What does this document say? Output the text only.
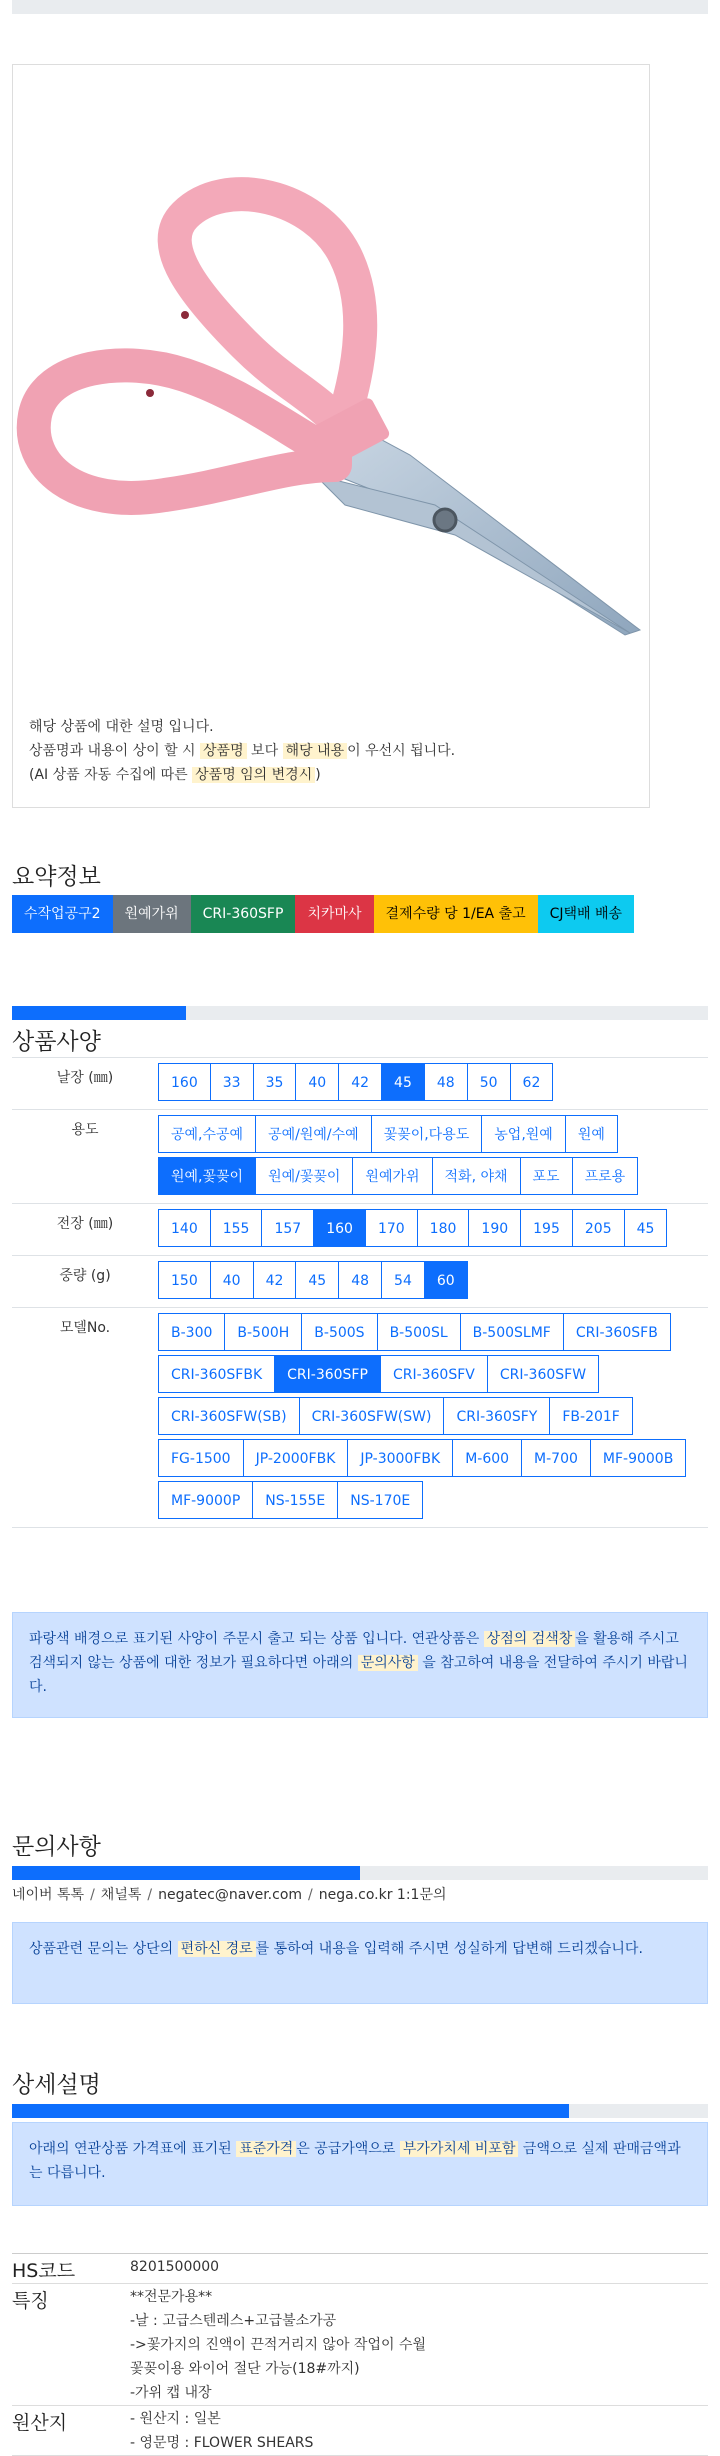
해당 상품에 대한 설명 입니다.
상품명과 내용이 상이 할 시 상품명 보다 해당 내용 이 우선시 됩니다.
(AI 상품 자동 수집에 따른 상품명 임의 변경시 )
요약정보
수작업공구2	원예가위	CRI-360SFP	치카마사	결제수량 당 1/EA 출고	CJ택배 배송
상품사양
날장 (㎜)	160	33	35	40	42	45	48	50	62
용도	공예,수공예	공예/원예/수예	꽃꽂이,다용도	농업,원예	원예
원예,꽃꽂이	원예/꽃꽂이	원예가위	적화, 야채	포도	프로용
전장 (㎜)	140	155	157	160	170	180	190	195	205	45
중량 (g)	150	40	42	45	48	54	60
모델No.	B-300	B-500H	B-500S	B-500SL	B-500SLMF	CRI-360SFB
CRI-360SFBK	CRI-360SFP	CRI-360SFV	CRI-360SFW
CRI-360SFW(SB)	CRI-360SFW(SW)	CRI-360SFY	FB-201F
FG-1500	JP-2000FBK	JP-3000FBK	M-600	M-700	MF-9000B
MF-9000P	NS-155E	NS-170E
파랑색 배경으로 표기된 사양이 주문시 출고 되는 상품 입니다. 연관상품은 상점의 검색창 을 활용해 주시고 검색되지 않는 상품에 대한 정보가 필요하다면 아래의 문의사항 을 참고하여 내용을 전달하여 주시기 바랍니다.
문의사항
네이버 톡톡 / 채널톡 / negatec@naver.com / nega.co.kr 1:1문의
상품관련 문의는 상단의 편하신 경로 를 통하여 내용을 입력해 주시면 성실하게 답변해 드리겠습니다.
상세설명
아래의 연관상품 가격표에 표기된 표준가격 은 공급가액으로 부가가치세 비포함 금액으로 실제 판매금액과는 다릅니다.
HS코드	8201500000
특징	**전문가용**
-날 : 고급스텐레스+고급불소가공
->꽃가지의 진액이 끈적거리지 않아 작업이 수월
꽃꽂이용 와이어 절단 가능(18#까지)
-가위 캡 내장
원산지	- 원산지 : 일본
- 영문명 : FLOWER SHEARS
